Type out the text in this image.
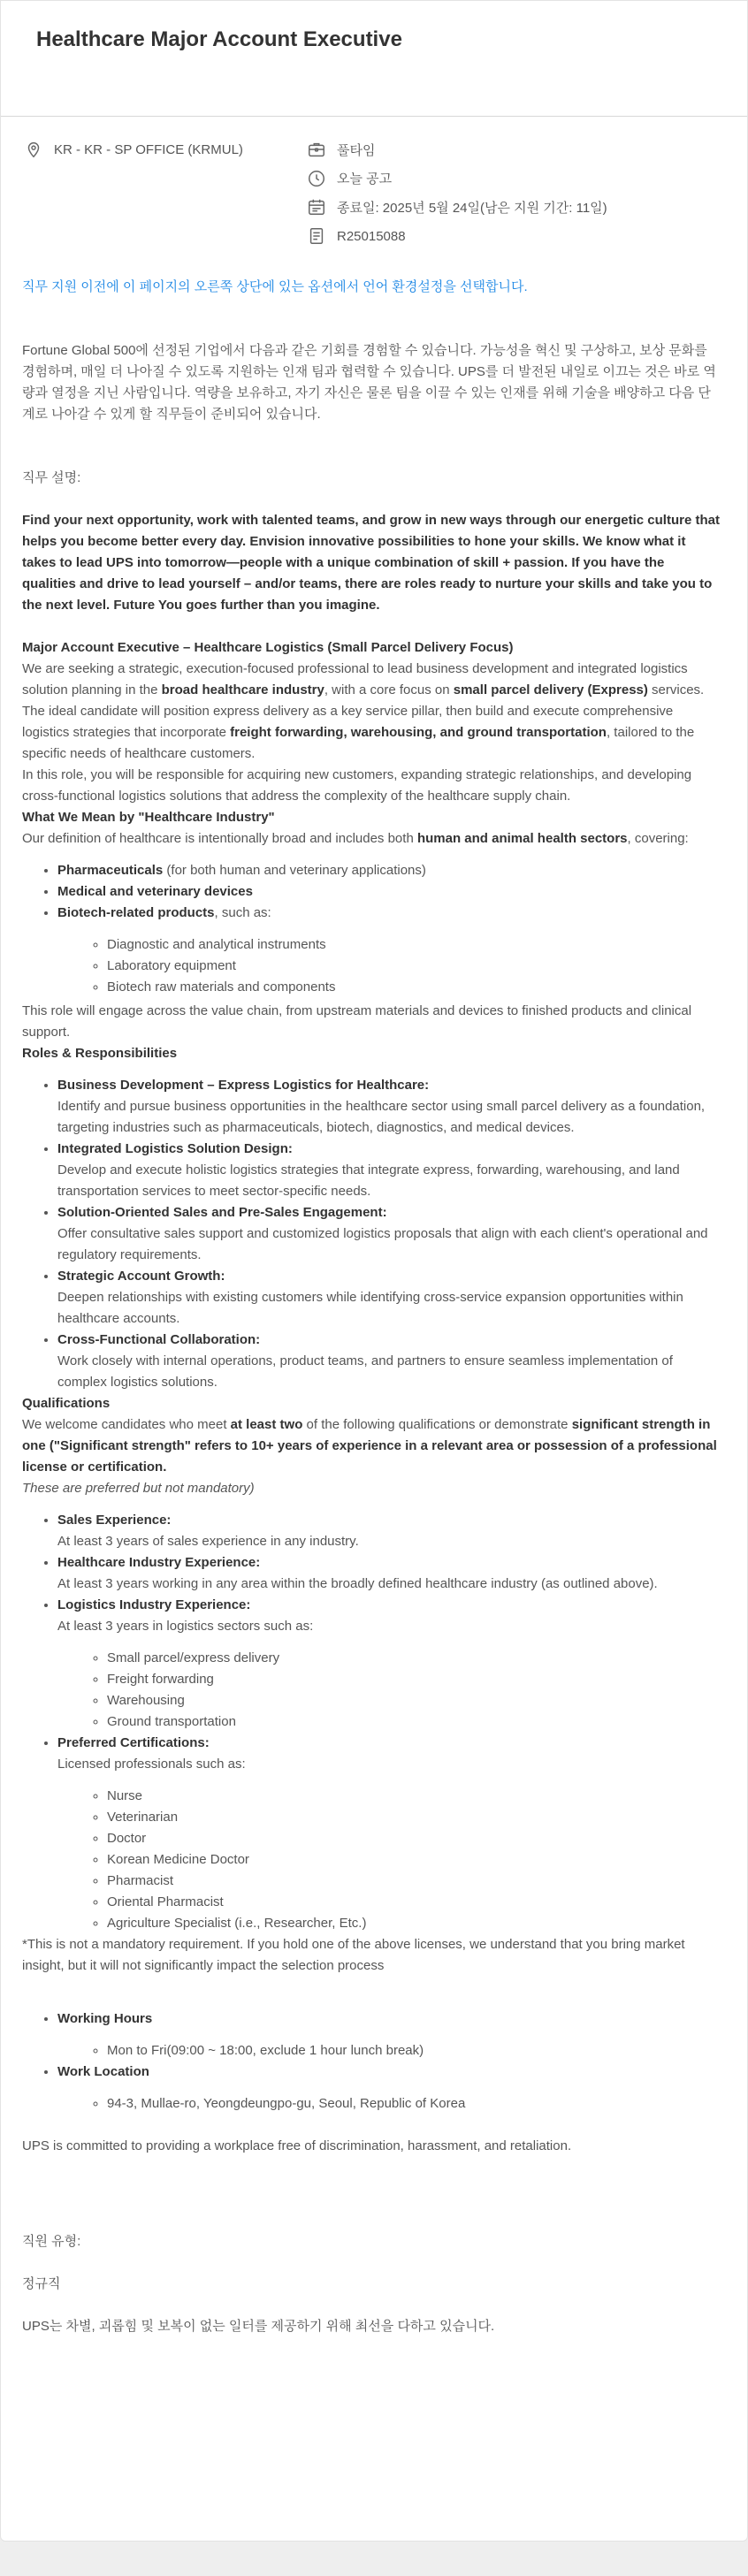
Healthcare Major Account Executive
KR - KR - SP OFFICE (KRMUL)	풀타임
오늘 공고
종료일: 2025년 5월 24일(남은 지원 기간: 11일)
R25015088

직무 지원 이전에 이 페이지의 오른쪽 상단에 있는 옵션에서 언어 환경설정을 선택합니다.

Fortune Global 500에 선정된 기업에서 다음과 같은 기회를 경험할 수 있습니다. 가능성을 혁신 및 구상하고, 보상 문화를 경험하며, 매일 더 나아질 수 있도록 지원하는 인재 팀과 협력할 수 있습니다. UPS를 더 발전된 내일로 이끄는 것은 바로 역량과 열정을 지닌 사람입니다. 역량을 보유하고, 자기 자신은 물론 팀을 이끌 수 있는 인재를 위해 기술을 배양하고 다음 단계로 나아갈 수 있게 할 직무들이 준비되어 있습니다.

직무 설명:

Find your next opportunity, work with talented teams, and grow in new ways through our energetic culture that helps you become better every day. Envision innovative possibilities to hone your skills. We know what it takes to lead UPS into tomorrow—people with a unique combination of skill + passion. If you have the qualities and drive to lead yourself – and/or teams, there are roles ready to nurture your skills and take you to the next level. Future You goes further than you imagine.

Major Account Executive – Healthcare Logistics (Small Parcel Delivery Focus)

We are seeking a strategic, execution-focused professional to lead business development and integrated logistics solution planning in the broad healthcare industry, with a core focus on small parcel delivery (Express) services.

The ideal candidate will position express delivery as a key service pillar, then build and execute comprehensive logistics strategies that incorporate freight forwarding, warehousing, and ground transportation, tailored to the specific needs of healthcare customers.

In this role, you will be responsible for acquiring new customers, expanding strategic relationships, and developing cross-functional logistics solutions that address the complexity of the healthcare supply chain.

What We Mean by "Healthcare Industry"

Our definition of healthcare is intentionally broad and includes both human and animal health sectors, covering:

• Pharmaceuticals (for both human and veterinary applications)
• Medical and veterinary devices
• Biotech-related products, such as:
◦ Diagnostic and analytical instruments
◦ Laboratory equipment
◦ Biotech raw materials and components

This role will engage across the value chain, from upstream materials and devices to finished products and clinical support.

Roles & Responsibilities

• Business Development – Express Logistics for Healthcare:
Identify and pursue business opportunities in the healthcare sector using small parcel delivery as a foundation, targeting industries such as pharmaceuticals, biotech, diagnostics, and medical devices.
• Integrated Logistics Solution Design:
Develop and execute holistic logistics strategies that integrate express, forwarding, warehousing, and land transportation services to meet sector-specific needs.
• Solution-Oriented Sales and Pre-Sales Engagement:
Offer consultative sales support and customized logistics proposals that align with each client's operational and regulatory requirements.
• Strategic Account Growth:
Deepen relationships with existing customers while identifying cross-service expansion opportunities within healthcare accounts.
• Cross-Functional Collaboration:
Work closely with internal operations, product teams, and partners to ensure seamless implementation of complex logistics solutions.

Qualifications

We welcome candidates who meet at least two of the following qualifications or demonstrate significant strength in one ("Significant strength" refers to 10+ years of experience in a relevant area or possession of a professional license or certification.

These are preferred but not mandatory)

• Sales Experience:
At least 3 years of sales experience in any industry.
• Healthcare Industry Experience:
At least 3 years working in any area within the broadly defined healthcare industry (as outlined above).
• Logistics Industry Experience:
At least 3 years in logistics sectors such as:
◦ Small parcel/express delivery
◦ Freight forwarding
◦ Warehousing
◦ Ground transportation
• Preferred Certifications:
Licensed professionals such as:
◦ Nurse
◦ Veterinarian
◦ Doctor
◦ Korean Medicine Doctor
◦ Pharmacist
◦ Oriental Pharmacist
◦ Agriculture Specialist (i.e., Researcher, Etc.)

*This is not a mandatory requirement. If you hold one of the above licenses, we understand that you bring market insight, but it will not significantly impact the selection process

• Working Hours
◦ Mon to Fri(09:00 ~ 18:00, exclude 1 hour lunch break)
• Work Location
◦ 94-3, Mullae-ro, Yeongdeungpo-gu, Seoul, Republic of Korea

UPS is committed to providing a workplace free of discrimination, harassment, and retaliation.

직원 유형:

정규직

UPS는 차별, 괴롭힘 및 보복이 없는 일터를 제공하기 위해 최선을 다하고 있습니다.
